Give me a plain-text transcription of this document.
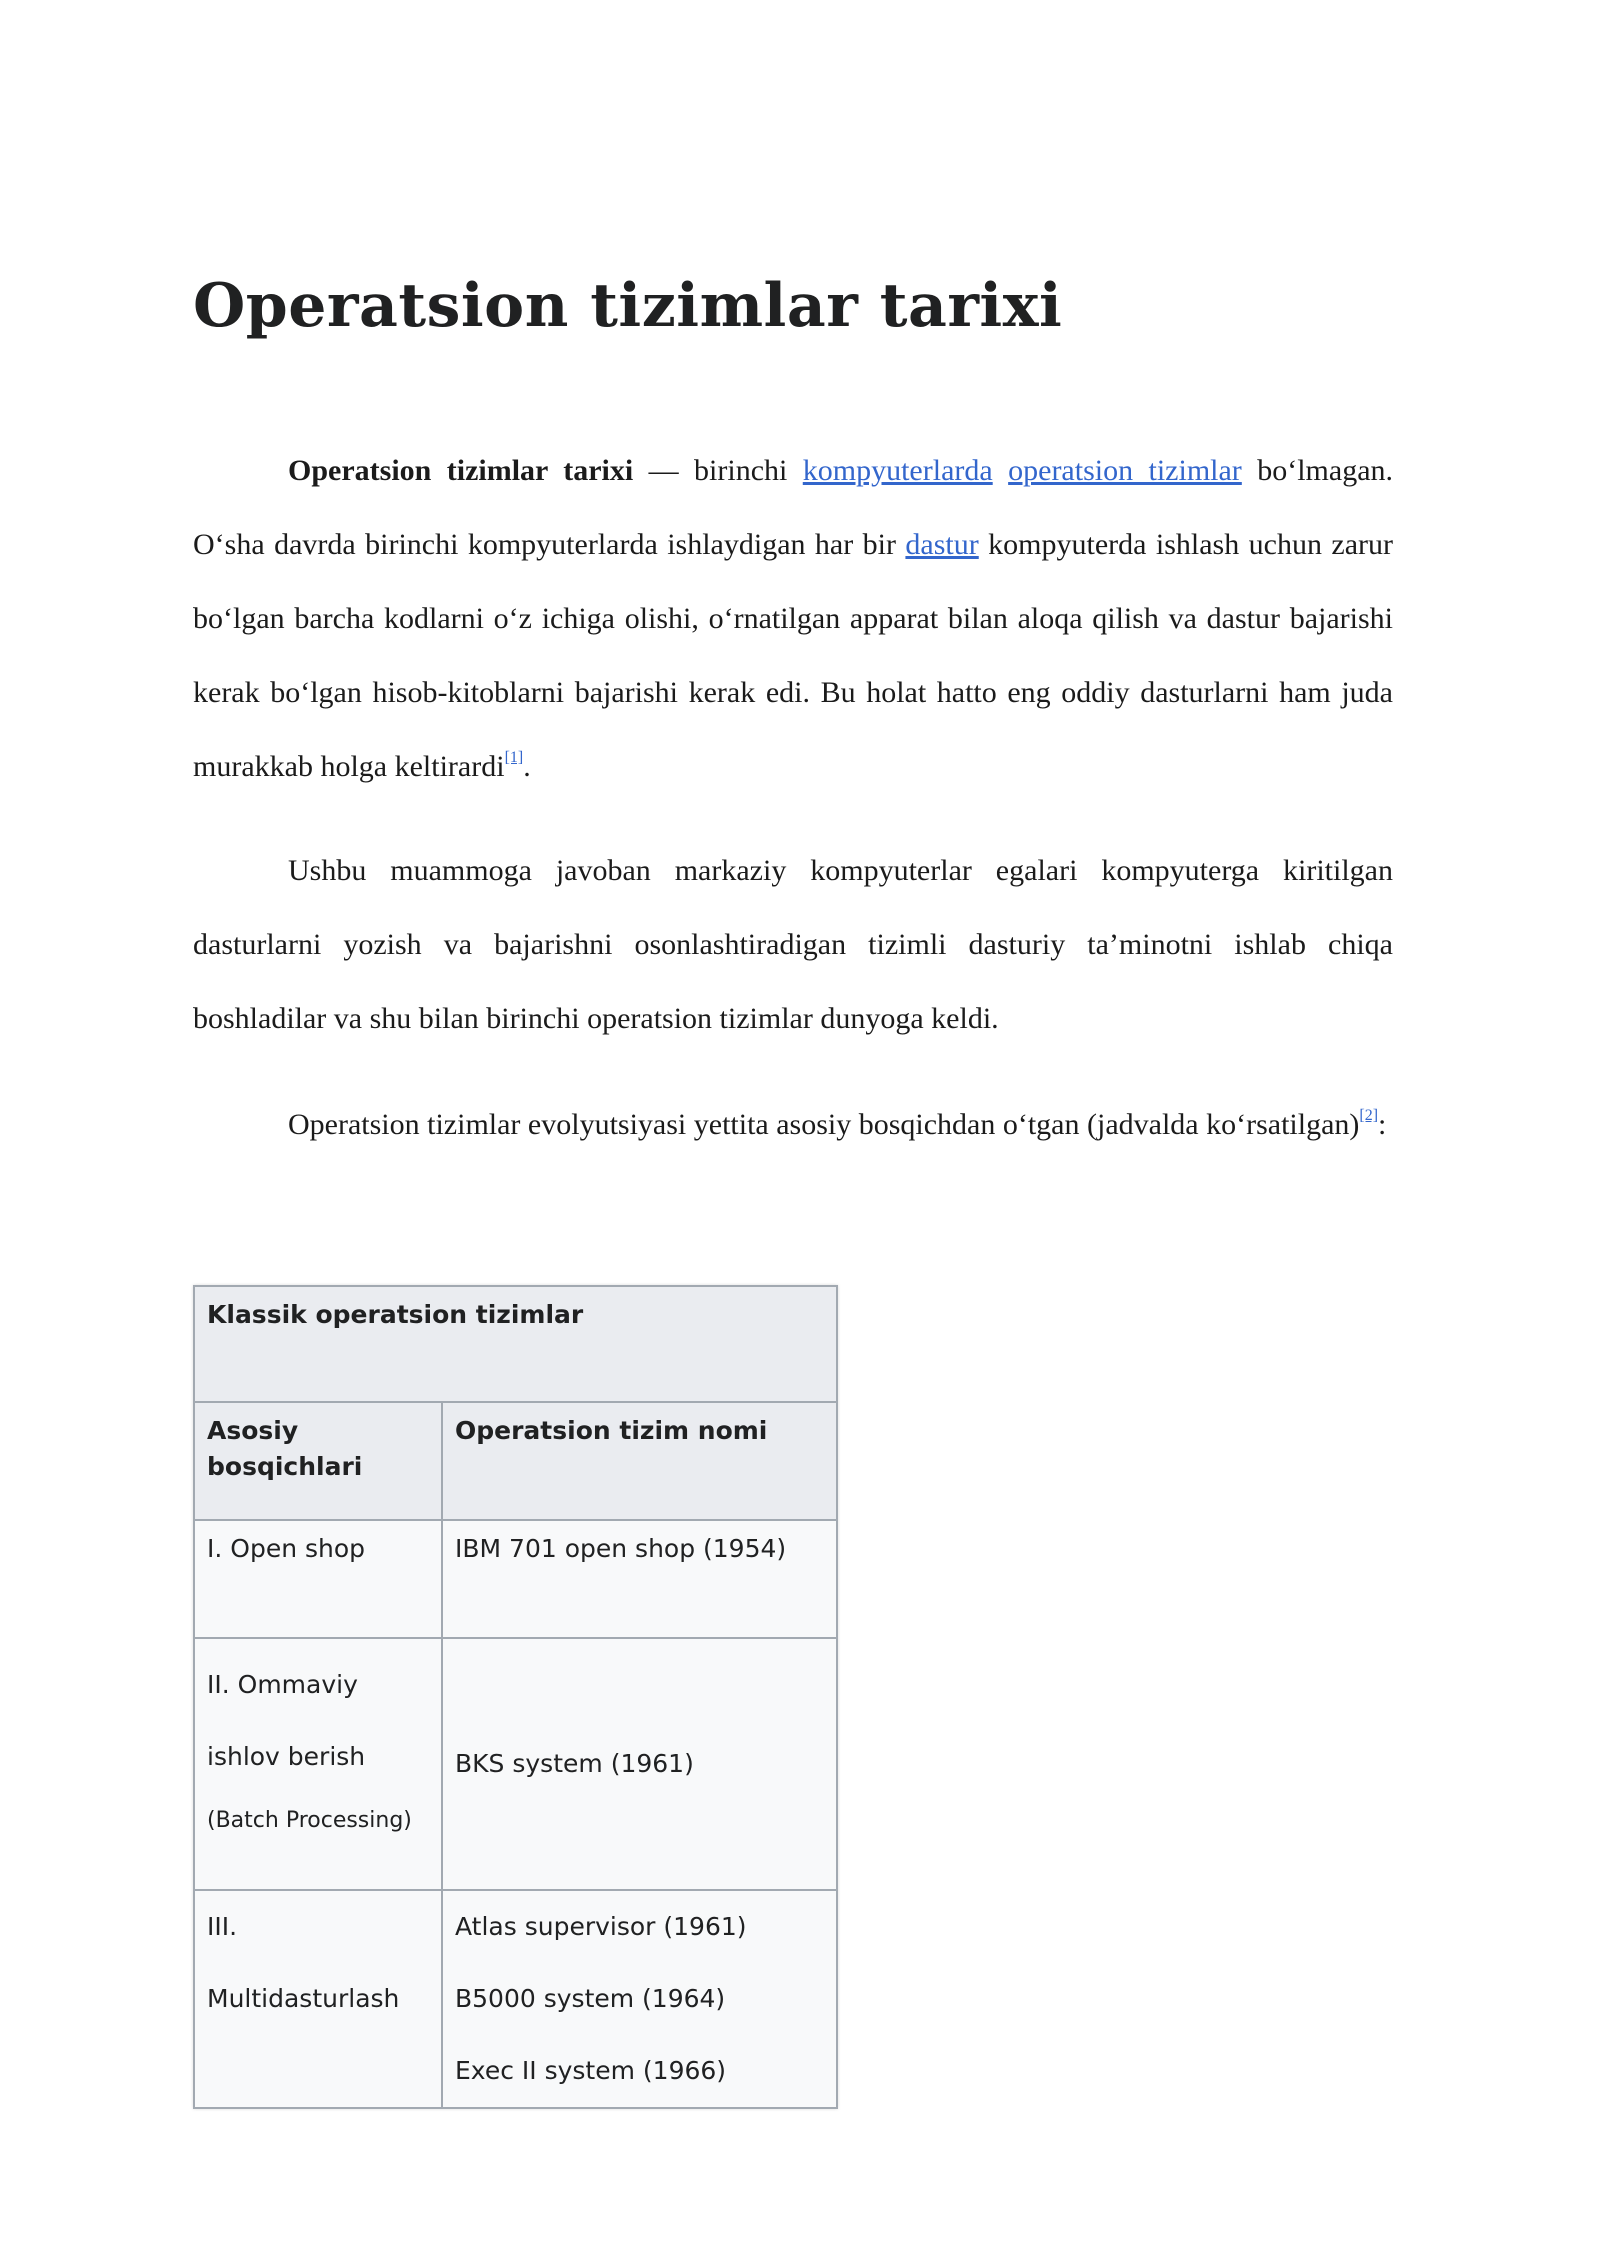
Operatsion tizimlar tarixi

Operatsion tizimlar tarixi — birinchi kompyuterlarda operatsion tizimlar bo‘lmagan. O‘sha davrda birinchi kompyuterlarda ishlaydigan har bir dastur kompyuterda ishlash uchun zarur bo‘lgan barcha kodlarni o‘z ichiga olishi, o‘rnatilgan apparat bilan aloqa qilish va dastur bajarishi kerak bo‘lgan hisob-kitoblarni bajarishi kerak edi. Bu holat hatto eng oddiy dasturlarni ham juda murakkab holga keltirardi[1].

Ushbu muammoga javoban markaziy kompyuterlar egalari kompyuterga kiritilgan dasturlarni yozish va bajarishni osonlashtiradigan tizimli dasturiy ta’minotni ishlab chiqa boshladilar va shu bilan birinchi operatsion tizimlar dunyoga keldi.

Operatsion tizimlar evolyutsiyasi yettita asosiy bosqichdan o‘tgan (jadvalda ko‘rsatilgan)[2]:

Klassik operatsion tizimlar	
Asosiy bosqichlari	Operatsion tizim nomi
I. Open shop	IBM 701 open shop (1954)
II. Ommaviy ishlov berish
(Batch Processing)	BKS system (1961)
III. Multidasturlash	Atlas supervisor (1961)
B5000 system (1964)
Exec II system (1966)
